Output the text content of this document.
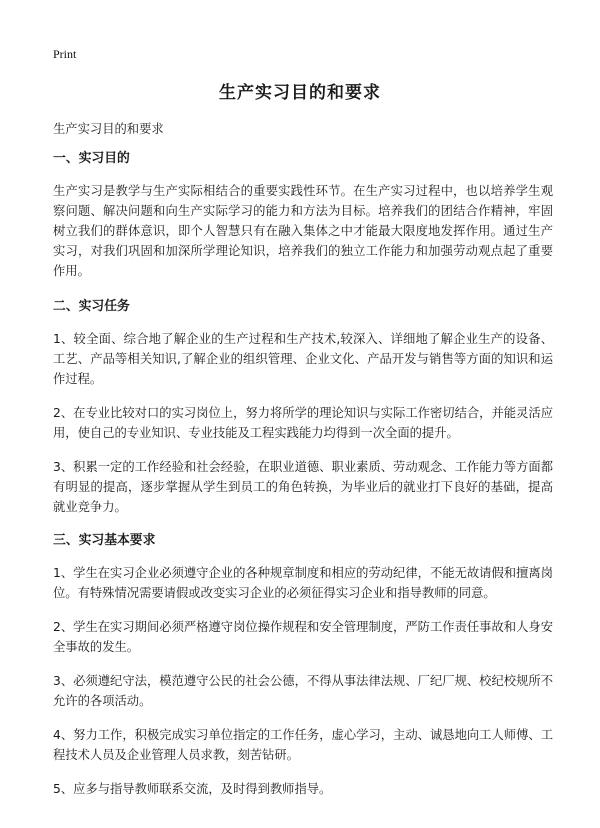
Print
生产实习目的和要求

生产实习目的和要求

一、实习目的

生产实习是教学与生产实际相结合的重要实践性环节。在生产实习过程中，也以培养学生观察问题、解决问题和向生产实际学习的能力和方法为目标。培养我们的团结合作精神，牢固树立我们的群体意识，即个人智慧只有在融入集体之中才能最大限度地发挥作用。通过生产实习，对我们巩固和加深所学理论知识，培养我们的独立工作能力和加强劳动观点起了重要作用。

二、实习任务

1、较全面、综合地了解企业的生产过程和生产技术,较深入、详细地了解企业生产的设备、工艺、产品等相关知识,了解企业的组织管理、企业文化、产品开发与销售等方面的知识和运作过程。

2、在专业比较对口的实习岗位上，努力将所学的理论知识与实际工作密切结合，并能灵活应用，使自己的专业知识、专业技能及工程实践能力均得到一次全面的提升。

3、积累一定的工作经验和社会经验，在职业道德、职业素质、劳动观念、工作能力等方面都有明显的提高，逐步掌握从学生到员工的角色转换，为毕业后的就业打下良好的基础，提高就业竞争力。

三、实习基本要求

1、学生在实习企业必须遵守企业的各种规章制度和相应的劳动纪律，不能无故请假和擅离岗位。有特殊情况需要请假或改变实习企业的必须征得实习企业和指导教师的同意。

2、学生在实习期间必须严格遵守岗位操作规程和安全管理制度，严防工作责任事故和人身安全事故的发生。

3、必须遵纪守法，模范遵守公民的社会公德，不得从事法律法规、厂纪厂规、校纪校规所不允许的各项活动。

4、努力工作，积极完成实习单位指定的工作任务，虚心学习，主动、诚恳地向工人师傅、工程技术人员及企业管理人员求教，刻苦钻研。

5、应多与指导教师联系交流，及时得到教师指导。
